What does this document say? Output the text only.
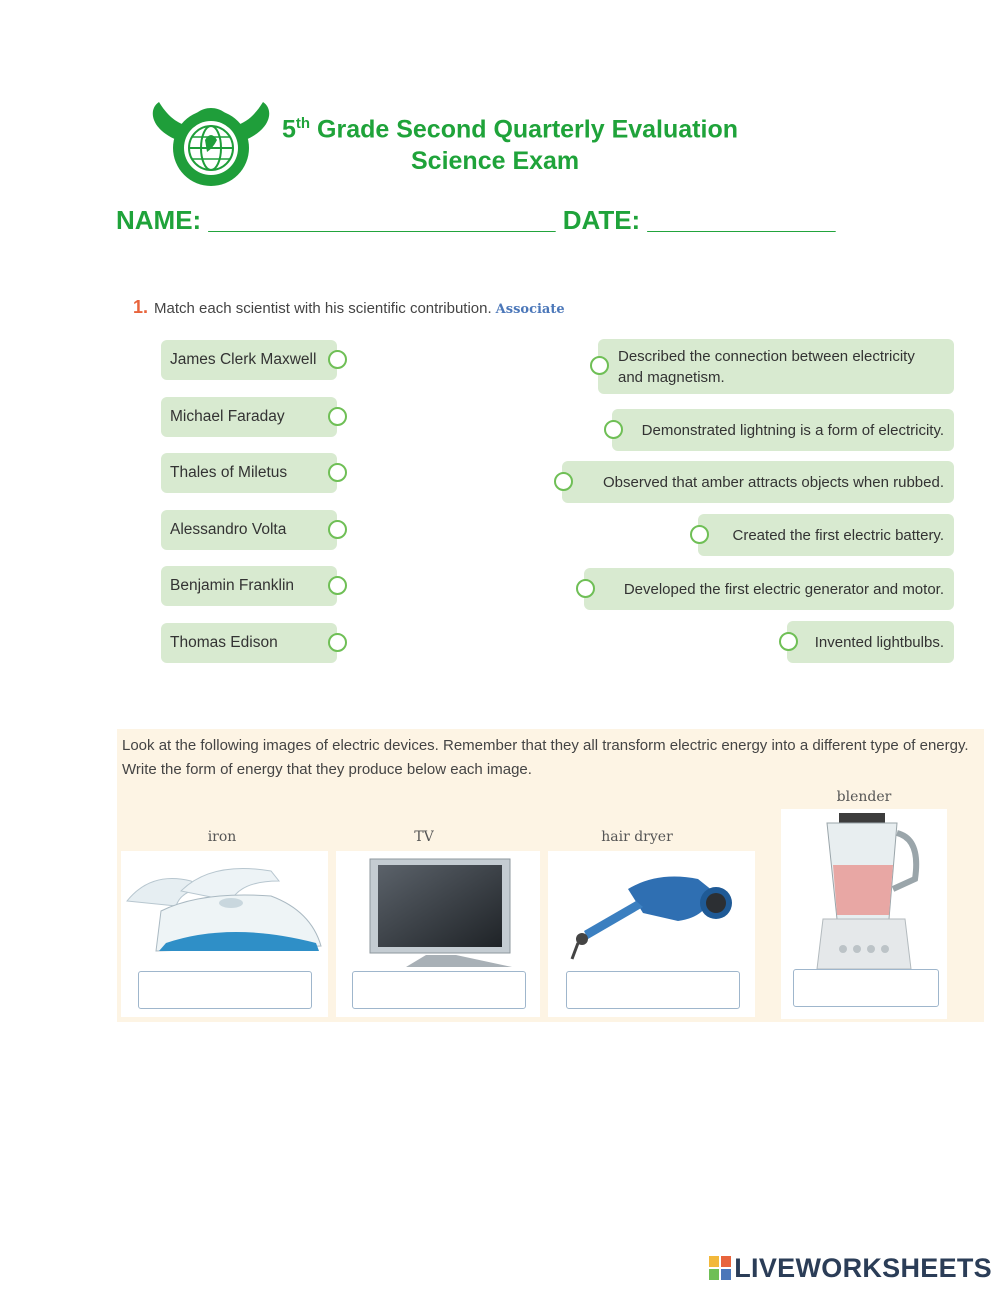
5th Grade Second Quarterly Evaluation
Science Exam
NAME: ________________________ DATE: _____________
1. Match each scientist with his scientific contribution. Associate
James Clerk Maxwell
Michael Faraday
Thales of Miletus
Alessandro Volta
Benjamin Franklin
Thomas Edison
Described the connection between electricity and magnetism.
Demonstrated lightning is a form of electricity.
Observed that amber attracts objects when rubbed.
Created the first electric battery.
Developed the first electric generator and motor.
Invented lightbulbs.
Look at the following images of electric devices. Remember that they all transform electric energy into a different type of energy. Write the form of energy that they produce below each image.
iron	TV	hair dryer
blender
LIVEWORKSHEETS
